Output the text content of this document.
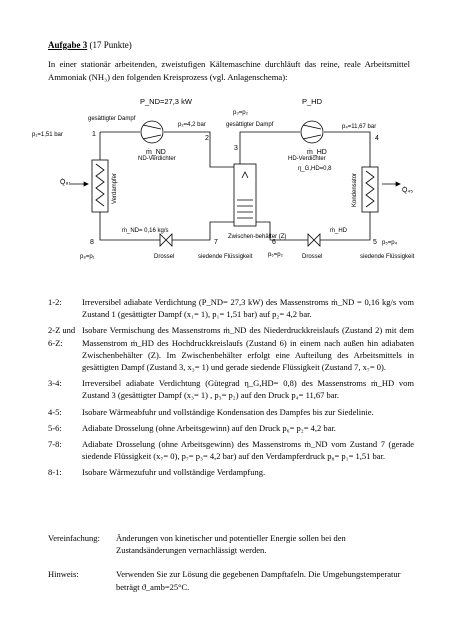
Aufgabe 3 (17 Punkte)
In einer stationär arbeitenden, zweistufigen Kältemaschine durchläuft das reine, reale Arbeitsmittel Ammoniak (NH₃) den folgenden Kreisprozess (vgl. Anlagenschema):
P_ND=27,3 kW	P_HD
ṁ_ND	ṁ_HD
gesättigter Dampf
p₁=1,51 bar	1
p₂=4,2 bar
2
p₃=p₂
gesättigter Dampf
3
p₄=11,67 bar
4
ND-Verdichter	HD-Verdichter
η_G,HD=0,8
Q̇₈₁
Q̇₄₅
Verdampfer	Kondensator
ṁ_ND= 0,16 kg/s	ṁ_HD
8
p₈=p₁	Drossel
7
siedende Flüssigkeit
Zwischen-behälter (Z)
6
p₆=p₂	Drossel
5 p₅=p₄
siedende Flüssigkeit
1-2:	Irreversibel adiabate Verdichtung (P_ND= 27,3 kW) des Massenstroms ṁ_ND = 0,16 kg/s vom Zustand 1 (gesättigter Dampf (x₁= 1), p₁= 1,51 bar) auf p₂= 4,2 bar.
2-Z und 6-Z:
Isobare Vermischung des Massenstroms ṁ_ND des Niederdruckkreislaufs (Zustand 2) mit dem Massenstrom ṁ_HD des Hochdruckkreislaufs (Zustand 6) in einem nach außen hin adiabaten Zwischenbehälter (Z). Im Zwischenbehälter erfolgt eine Aufteilung des Arbeitsmittels in gesättigten Dampf (Zustand 3, x₃= 1) und gerade siedende Flüssigkeit (Zustand 7, x₇= 0).
3-4:	Irreversibel adiabate Verdichtung (Gütegrad η_G,HD= 0,8) des Massenstroms ṁ_HD vom Zustand 3 (gesättigter Dampf (x₃= 1) , p₃= p₂) auf den Druck p₄= 11,67 bar.
4-5:	Isobare Wärmeabfuhr und vollständige Kondensation des Dampfes bis zur Siedelinie.
5-6:	Adiabate Drosselung (ohne Arbeitsgewinn) auf den Druck p₆= p₂= 4,2 bar.
7-8:	Adiabate Drosselung (ohne Arbeitsgewinn) des Massenstroms ṁ_ND vom Zustand 7 (gerade siedende Flüssigkeit (x₇= 0), p₇= p₃= 4,2 bar) auf den Verdampferdruck p₈= p₁= 1,51 bar.
8-1:	Isobare Wärmezufuhr und vollständige Verdampfung.
Vereinfachung:	Änderungen von kinetischer und potentieller Energie sollen bei den Zustandsänderungen vernachlässigt werden.
Hinweis:	Verwenden Sie zur Lösung die gegebenen Dampftafeln. Die Umgebungstemperatur beträgt ϑ_amb=25°C.
